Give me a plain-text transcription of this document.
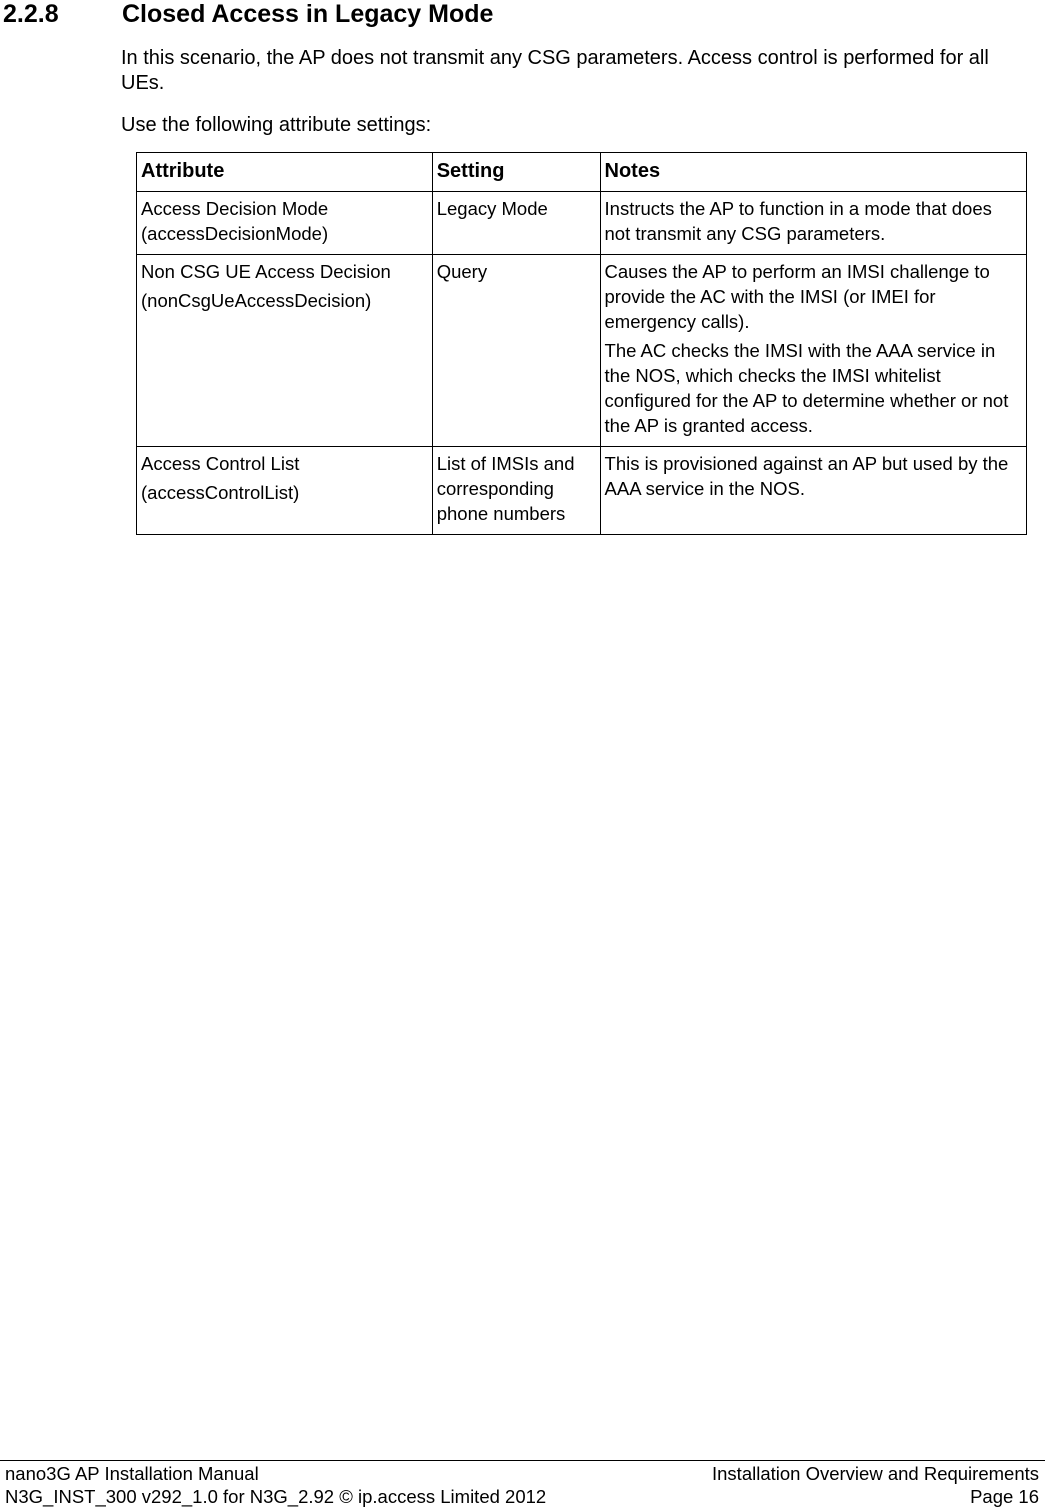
2.2.8	Closed Access in Legacy Mode

In this scenario, the AP does not transmit any CSG parameters. Access control is performed for all UEs.

Use the following attribute settings:

Attribute	Setting	Notes

Access Decision Mode
(accessDecisionMode)	Legacy Mode	Instructs the AP to function in a mode that does not transmit any CSG parameters.

Non CSG UE Access Decision
(nonCsgUeAccessDecision)	Query	Causes the AP to perform an IMSI challenge to provide the AC with the IMSI (or IMEI for emergency calls).
The AC checks the IMSI with the AAA service in the NOS, which checks the IMSI whitelist configured for the AP to determine whether or not the AP is granted access.

Access Control List
(accessControlList)	List of IMSIs and corresponding phone numbers	This is provisioned against an AP but used by the AAA service in the NOS.
nano3G AP Installation Manual
N3G_INST_300 v292_1.0 for N3G_2.92 © ip.access Limited 2012
Installation Overview and Requirements
Page 16
